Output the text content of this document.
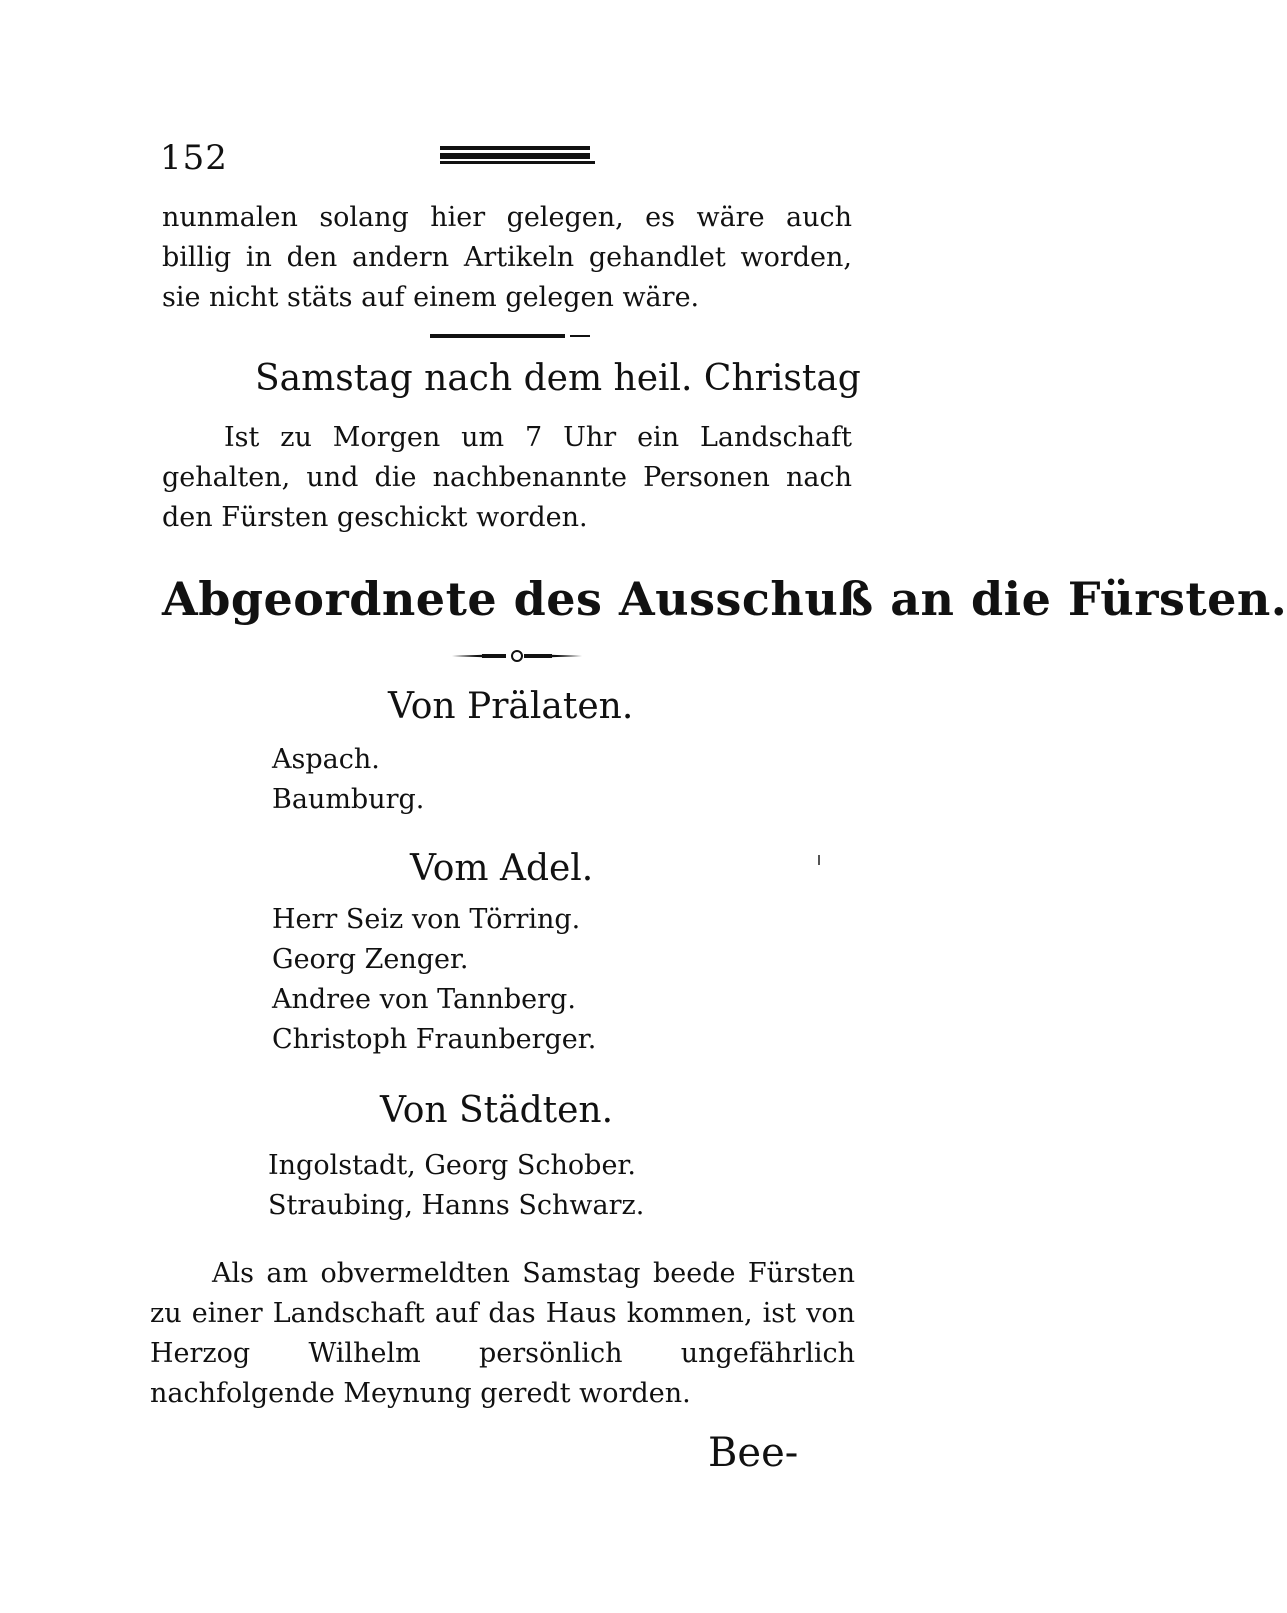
152

nunmalen solang hier gelegen, es wäre auch billig in den andern Artikeln gehandlet worden, sie nicht stäts auf einem gelegen wäre.

Samstag nach dem heil. Christag

Ist zu Morgen um 7 Uhr ein Landschaft gehalten, und die nachbenannte Personen nach den Fürsten geschickt worden.

Abgeordnete des Ausschuß an die Fürsten.
Von Prälaten.
Aspach.
Baumburg.
Vom Adel.
Herr Seiz von Törring.
Georg Zenger.
Andree von Tannberg.
Christoph Fraunberger.
Von Städten.
Ingolstadt, Georg Schober.
Straubing, Hanns Schwarz.

Als am obvermeldten Samstag beede Fürsten zu einer Landschaft auf das Haus kommen, ist von Herzog Wilhelm persönlich ungefährlich nachfolgende Meynung geredt worden.

Bee-
